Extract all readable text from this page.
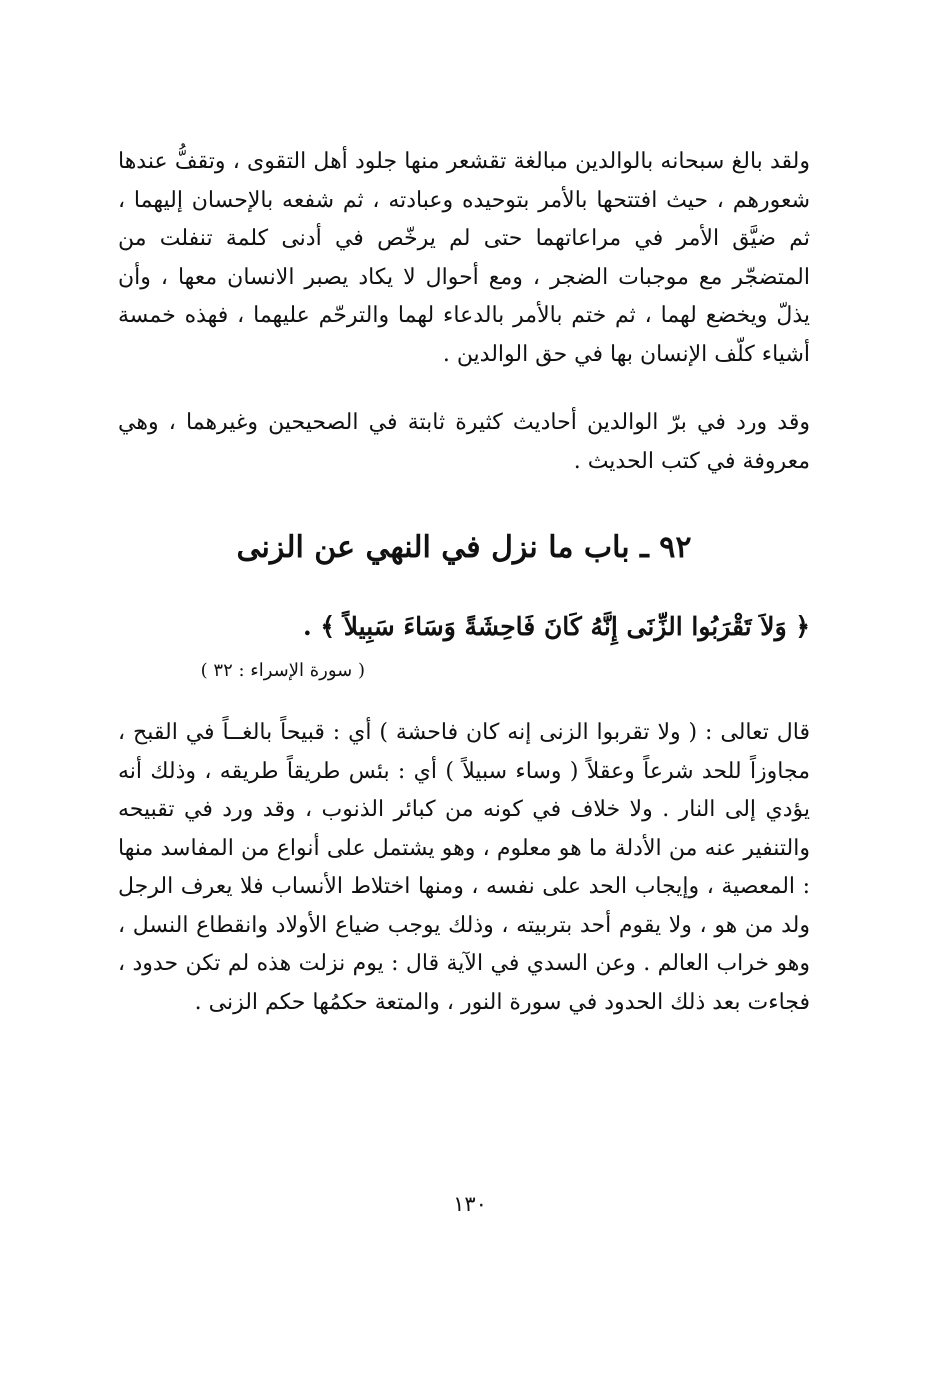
ولقد بالغ سبحانه بالوالدين مبالغة تقشعر منها جلود أهل التقوى ، وتقفُّ عندها شعورهم ، حيث افتتحها بالأمر بتوحيده وعبادته ، ثم شفعه بالإحسان إليهما ، ثم ضيَّق الأمر في مراعاتهما حتى لم يرخّص في أدنى كلمة تنفلت من المتضجّر مع موجبات الضجر ، ومع أحوال لا يكاد يصبر الانسان معها ، وأن يذلّ ويخضع لهما ، ثم ختم بالأمر بالدعاء لهما والترحّم عليهما ، فهذه خمسة أشياء كلّف الإنسان بها في حق الوالدين .

وقد ورد في برّ الوالدين أحاديث كثيرة ثابتة في الصحيحين وغيرهما ، وهي معروفة في كتب الحديث .

٩٢ ـ باب ما نزل في النهي عن الزنى

﴿ وَلاَ تَقْرَبُوا الزِّنَى إِنَّهُ كَانَ فَاحِشَةً وَسَاءَ سَبِيلاً ﴾ .

( سورة الإسراء : ٣٢ )

قال تعالى : ( ولا تقربوا الزنى إنه كان فاحشة ) أي : قبيحاً بالغــاً في القبح ، مجاوزاً للحد شرعاً وعقلاً ( وساء سبيلاً ) أي : بئس طريقاً طريقه ، وذلك أنه يؤدي إلى النار . ولا خلاف في كونه من كبائر الذنوب ، وقد ورد في تقبيحه والتنفير عنه من الأدلة ما هو معلوم ، وهو يشتمل على أنواع من المفاسد منها : المعصية ، وإيجاب الحد على نفسه ، ومنها اختلاط الأنساب فلا يعرف الرجل ولد من هو ، ولا يقوم أحد بتربيته ، وذلك يوجب ضياع الأولاد وانقطاع النسل ، وهو خراب العالم . وعن السدي في الآية قال : يوم نزلت هذه لم تكن حدود ، فجاءت بعد ذلك الحدود في سورة النور ، والمتعة حكمُها حكم الزنى .

١٣٠
